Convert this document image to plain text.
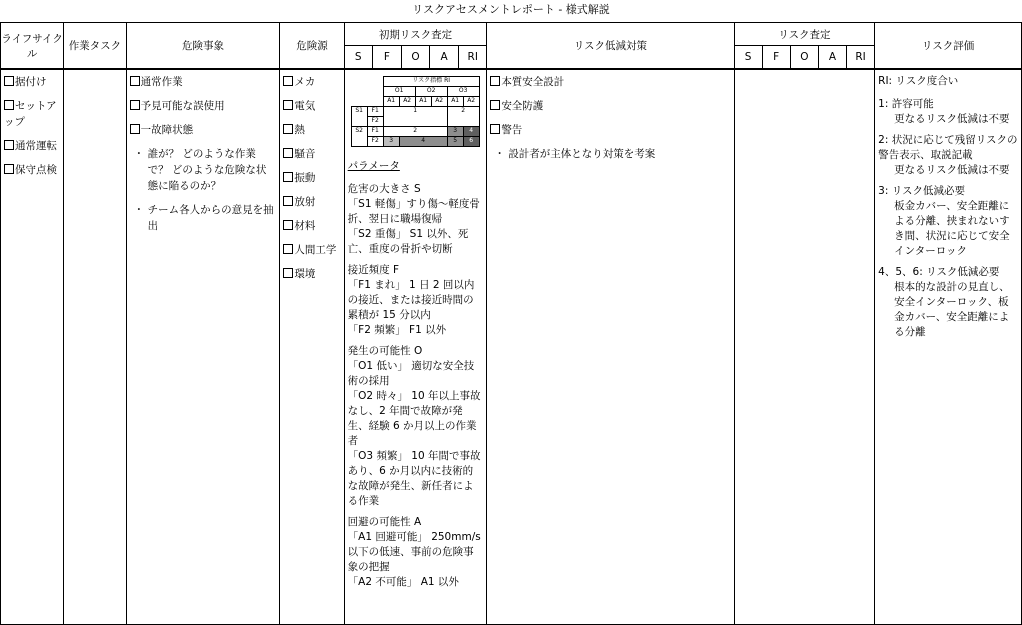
リスクアセスメントレポート - 様式解説
ライフサイクル	作業タスク	危険事象	危険源	初期リスク査定	リスク低減対策	リスク査定	リスク評価
S	F	O	A	RI	S	F	O	A	RI

据付け
セットアップ
通常運転
保守点検

通常作業
予見可能な誤使用
一故障状態
・ 誰が？ どのような作業で？ どのような危険な状態に陥るのか？
・ チーム各人からの意見を抽出

メカ
電気
熱
騒音
振動
放射
材料
人間工学
環境

		リスク指標 RI
		O1	O2	O3
		A1	A2	A1	A2	A1	A2
S1	F1	1	2
F2
S2	F1	2	3	4
F2	3	4	5	6
パラメータ
危害の大きさ S
「S1 軽傷」すり傷～軽度骨折、翌日に職場復帰
「S2 重傷」 S1 以外、死亡、重度の骨折や切断
接近頻度 F
「F1 まれ」 1 日 2 回以内の接近、または接近時間の累積が 15 分以内
「F2 頻繁」 F1 以外
発生の可能性 O
「O1 低い」 適切な安全技術の採用
「O2 時々」 10 年以上事故なし、2 年間で故障が発生、経験 6 か月以上の作業者
「O3 頻繁」 10 年間で事故あり、6 か月以内に技術的な故障が発生、新任者による作業
回避の可能性 A
「A1 回避可能」 250mm/s 以下の低速、事前の危険事象の把握
「A2 不可能」 A1 以外

本質安全設計
安全防護
警告
・ 設計者が主体となり対策を考案

RI: リスク度合い
1: 許容可能
更なるリスク低減は不要
2: 状況に応じて残留リスクの警告表示、取説記載
更なるリスク低減は不要
3: リスク低減必要
板金カバー、安全距離による分離、挟まれないすき間、状況に応じて安全インターロック
4、5、6: リスク低減必要
根本的な設計の見直し、安全インターロック、板金カバー、安全距離による分離
